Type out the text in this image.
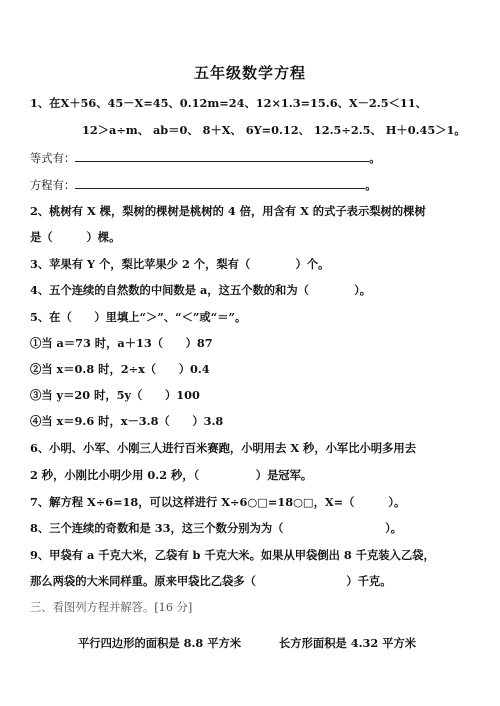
五年级数学方程
1、在X＋56、45－X=45、0.12m=24、12×1.3=15.6、X－2.5＜11、
12＞a÷m、 ab＝0、 8＋X、 6Y=0.12、 12.5÷2.5、 H＋0.45＞1。
等式有：	。
方程有：	。
2、桃树有 X 棵，梨树的棵树是桃树的 4 倍，用含有 X 的式子表示梨树的棵树
是（　　　）棵。
3、苹果有 Y 个，梨比苹果少 2 个，梨有（　　　　）个。
4、五个连续的自然数的中间数是 a，这五个数的和为（　　　　）。
5、在（　　）里填上“＞”、“＜”或“＝”。
①当 a＝73 时，a＋13（　　）87
②当 x＝0.8 时，2÷x（　　）0.4
③当 y＝20 时，5y（　　）100
④当 x＝9.6 时，x－3.8（　　）3.8
6、小明、小军、小刚三人进行百米赛跑，小明用去 X 秒，小军比小明多用去
2 秒，小刚比小明少用 0.2 秒，（　　　　　）是冠军。
7、解方程 X÷6=18，可以这样进行 X÷6○□=18○□，X=（　　　）。
8、三个连续的奇数和是 33，这三个数分别为为（　　　　　　　　　）。
9、甲袋有 a 千克大米，乙袋有 b 千克大米。如果从甲袋倒出 8 千克装入乙袋，
那么两袋的大米同样重。原来甲袋比乙袋多（　　　　　　　　）千克。
三、看图列方程并解答。[16 分]
平行四边形的面积是 8.8 平方米	长方形面积是 4.32 平方米
